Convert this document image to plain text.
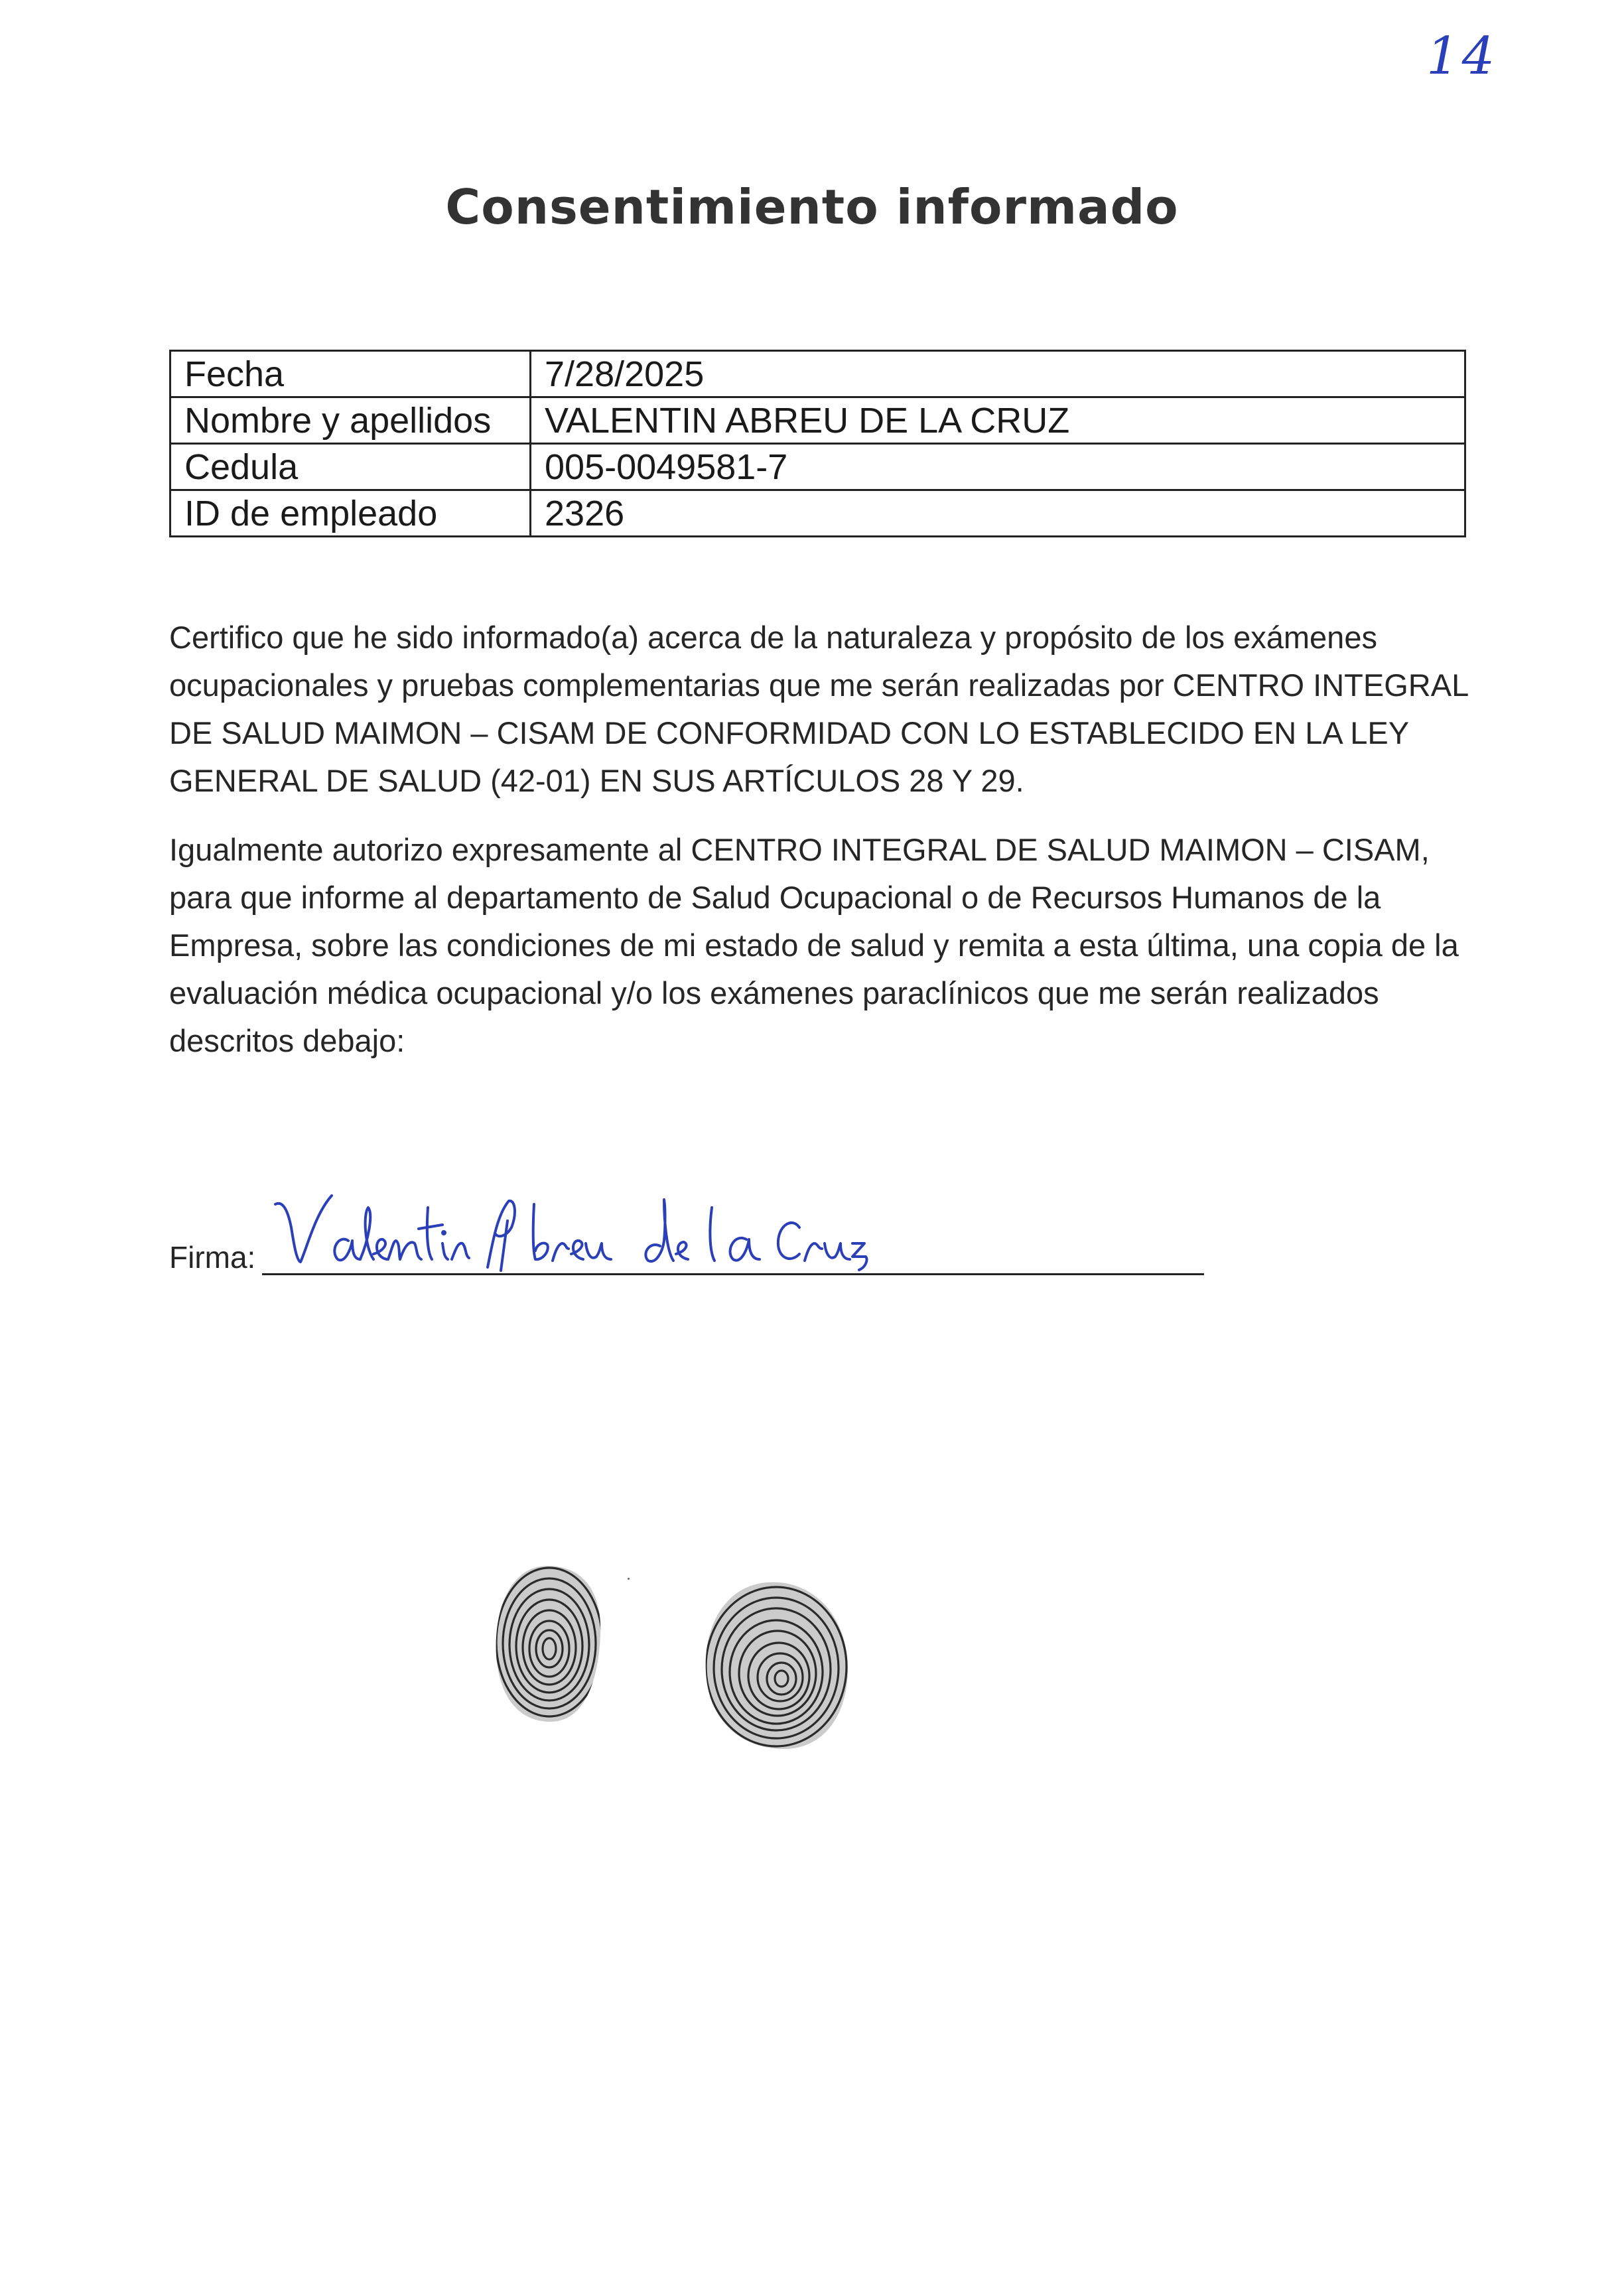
14
Consentimiento informado
Fecha	7/28/2025
Nombre y apellidos	VALENTIN ABREU DE LA CRUZ
Cedula	005-0049581-7
ID de empleado	2326

Certifico que he sido informado(a) acerca de la naturaleza y propósito de los exámenes ocupacionales y pruebas complementarias que me serán realizadas por CENTRO INTEGRAL DE SALUD MAIMON – CISAM DE CONFORMIDAD CON LO ESTABLECIDO EN LA LEY GENERAL DE SALUD (42-01) EN SUS ARTÍCULOS 28 Y 29.

Igualmente autorizo expresamente al CENTRO INTEGRAL DE SALUD MAIMON – CISAM, para que informe al departamento de Salud Ocupacional o de Recursos Humanos de la Empresa, sobre las condiciones de mi estado de salud y remita a esta última, una copia de la evaluación médica ocupacional y/o los exámenes paraclínicos que me serán realizados descritos debajo:

Firma:
